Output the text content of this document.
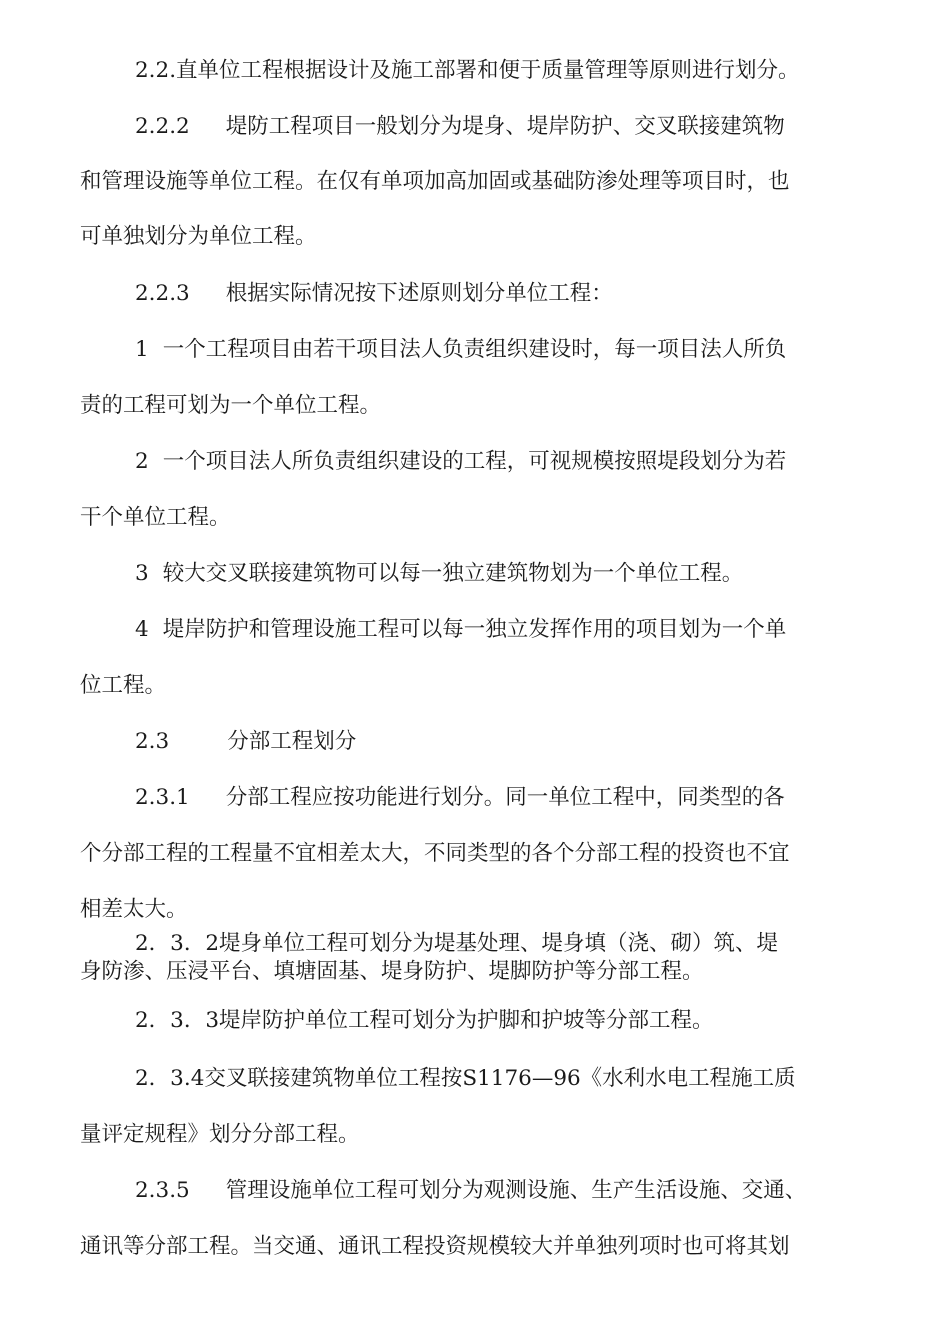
2.2.直单位工程根据设计及施工部署和便于质量管理等原则进行划分。
2.2.2 堤防工程项目一般划分为堤身、堤岸防护、交叉联接建筑物
和管理设施等单位工程。在仅有单项加高加固或基础防渗处理等项目时，也
可单独划分为单位工程。
2.2.3 根据实际情况按下述原则划分单位工程：
1 一个工程项目由若干项目法人负责组织建设时，每一项目法人所负
责的工程可划为一个单位工程。
2 一个项目法人所负责组织建设的工程，可视规模按照堤段划分为若
干个单位工程。
3 较大交叉联接建筑物可以每一独立建筑物划为一个单位工程。
4 堤岸防护和管理设施工程可以每一独立发挥作用的项目划为一个单
位工程。
2.3	分部工程划分
2.3.1 分部工程应按功能进行划分。同一单位工程中，同类型的各
个分部工程的工程量不宜相差太大，不同类型的各个分部工程的投资也不宜
相差太大。
2．3．2堤身单位工程可划分为堤基处理、堤身填（浇、砌）筑、堤
身防渗、压浸平台、填塘固基、堤身防护、堤脚防护等分部工程。
2．3．3堤岸防护单位工程可划分为护脚和护坡等分部工程。
2．3.4交叉联接建筑物单位工程按S1176—96《水利水电工程施工质
量评定规程》划分分部工程。
2.3.5 管理设施单位工程可划分为观测设施、生产生活设施、交通、
通讯等分部工程。当交通、通讯工程投资规模较大并单独列项时也可将其划
